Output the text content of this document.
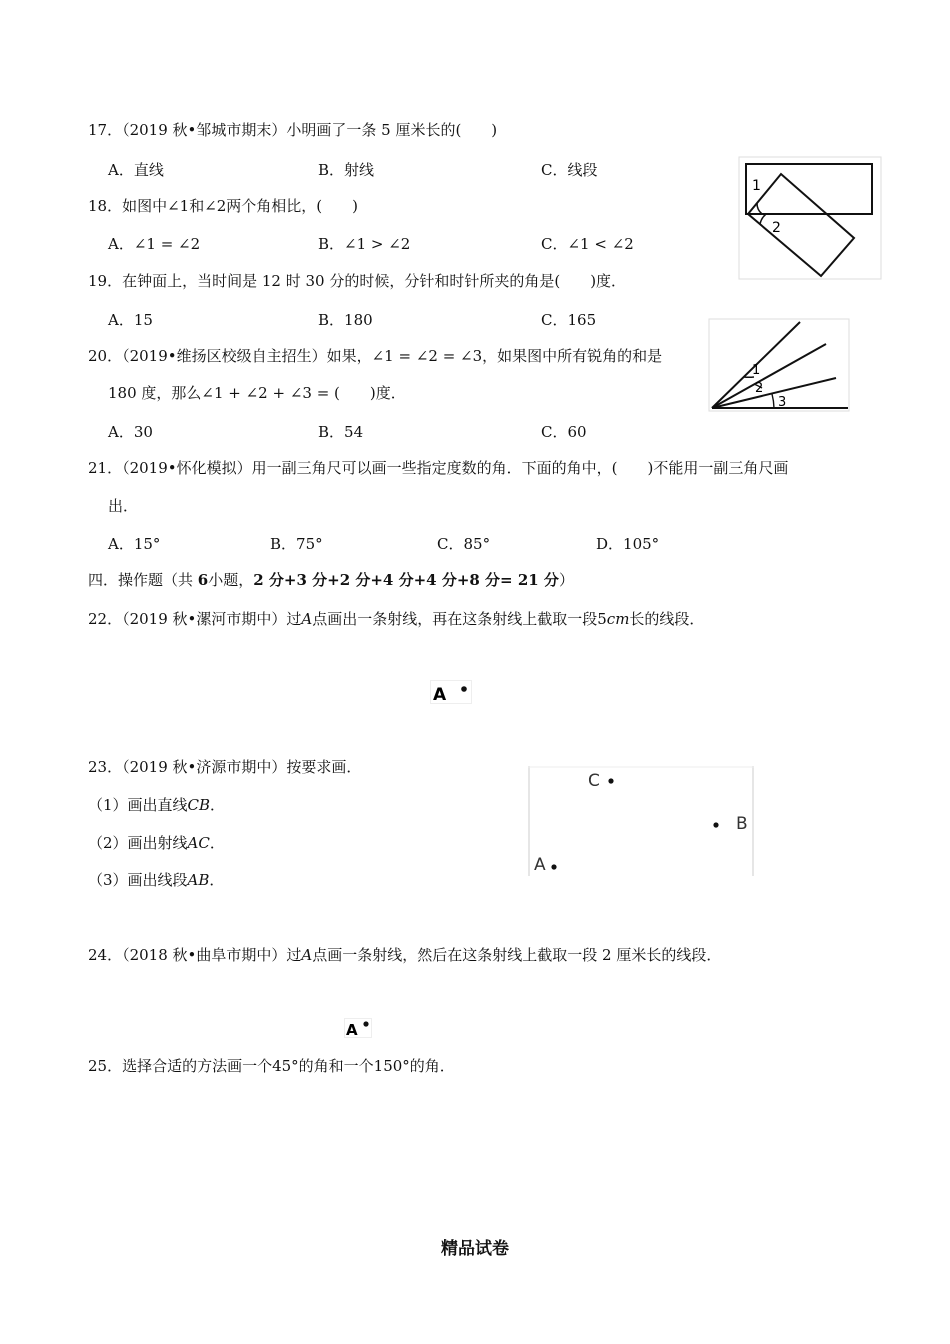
17．（2019 秋•邹城市期末）小明画了一条 5 厘米长的(　　)
A．直线	B．射线	C．线段
18．如图中∠1和∠2两个角相比，(　　)
A．∠1 = ∠2	B．∠1 > ∠2	C．∠1 < ∠2
1
2
19．在钟面上，当时间是 12 时 30 分的时候，分针和时针所夹的角是(　　)度．
A．15	B．180	C．165
20．（2019•维扬区校级自主招生）如果，∠1 = ∠2 = ∠3，如果图中所有锐角的和是
180 度，那么∠1 + ∠2 + ∠3 = (　　)度．
A．30	B．54	C．60
1
2
3
21．（2019•怀化模拟）用一副三角尺可以画一些指定度数的角．下面的角中，(　　)不能用一副三角尺画
出．
A．15°	B．75°	C．85°	D．105°
四．操作题（共 6小题，2 分+3 分+2 分+4 分+4 分+8 分= 21 分）
22．（2019 秋•漯河市期中）过A点画出一条射线，再在这条射线上截取一段5cm长的线段．
A
23．（2019 秋•济源市期中）按要求画．
（1）画出直线CB．
（2）画出射线AC．
（3）画出线段AB．
C
B
A
24．（2018 秋•曲阜市期中）过A点画一条射线，然后在这条射线上截取一段 2 厘米长的线段．
A
25．选择合适的方法画一个45°的角和一个150°的角．
精品试卷
